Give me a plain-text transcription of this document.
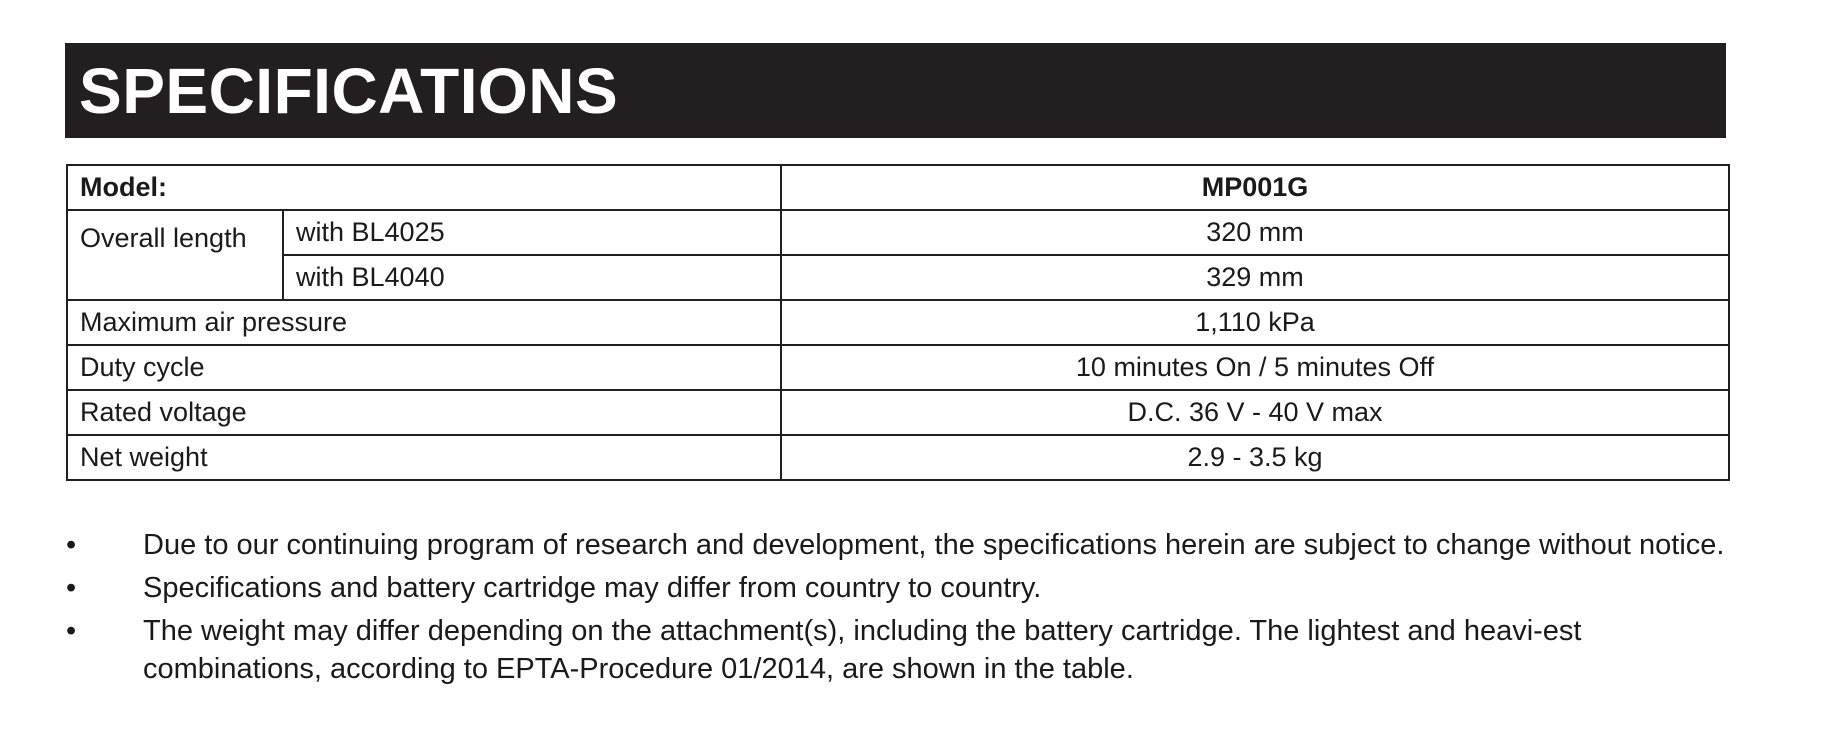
SPECIFICATIONS
Model:		MP001G
Overall length	with BL4025	320 mm
	with BL4040	329 mm
Maximum air pressure		1,110 kPa
Duty cycle		10 minutes On / 5 minutes Off
Rated voltage		D.C. 36 V - 40 V max
Net weight		2.9 - 3.5 kg
• Due to our continuing program of research and development, the specifications herein are subject to change without notice.
• Specifications and battery cartridge may differ from country to country.
• The weight may differ depending on the attachment(s), including the battery cartridge. The lightest and heavi-est combinations, according to EPTA-Procedure 01/2014, are shown in the table.
